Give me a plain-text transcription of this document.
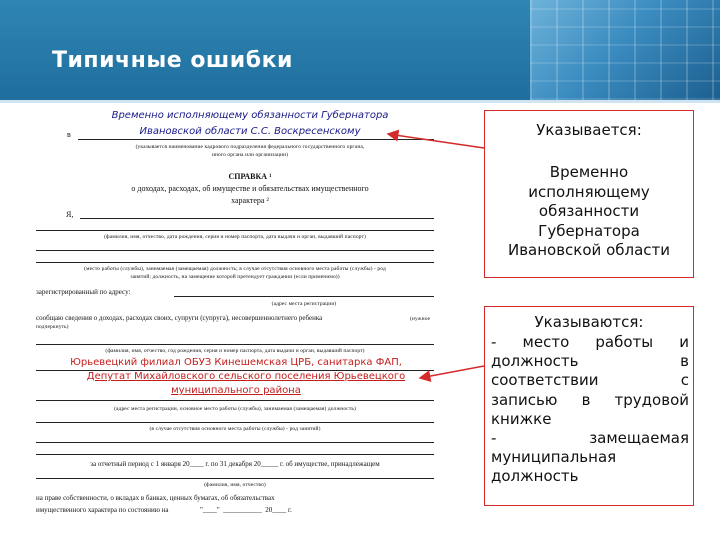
Типичные ошибки
Временно исполняющему обязанности Губернатора
в	Ивановской области С.С. Воскресенскому
(указывается наименование кадрового подразделения федерального государственного органа,
иного органа или организации)
СПРАВКА ¹
о доходах, расходах, об имуществе и обязательствах имущественного
характера ²
Я,
(фамилия, имя, отчество, дата рождения, серия и номер паспорта, дата выдачи и орган, выдавший паспорт)
(место работы (службы), занимаемая (замещаемая) должность; в случае отсутствия основного места работы (службы) - род
занятий; должность, на замещение которой претендует гражданин (если применимо))
зарегистрированный по адресу:
(адрес места регистрации)
сообщаю сведения о доходах, расходах своих, супруги (супруга), несовершеннолетнего ребенка	(нужное
подчеркнуть)
(фамилия, имя, отчество, год рождения, серия и номер паспорта, дата выдачи и орган, выдавший паспорт)
Юрьевецкий филиал ОБУЗ Кинешемская ЦРБ, санитарка ФАП,
Депутат Михайловского сельского поселения Юрьевецкого
муниципального района
(адрес места регистрации, основное место работы (службы), занимаемая (замещаемая) должность)
(в случае отсутствия основного места работы (службы) - род занятий)
за отчетный период с 1 января 20____ г. по 31 декабря 20_____ г. об имуществе, принадлежащем
(фамилия, имя, отчество)
на праве собственности, о вкладах в банках, ценных бумагах, об обязательствах
имущественного характера по состоянию на                  "____"  ___________  20____ г.
Указывается:
Временно
исполняющему
обязанности
Губернатора
Ивановской области
Указываются:
- место работы и
должность в
соответствии с
записью в трудовой
книжке
- замещаемая
муниципальная
должность
